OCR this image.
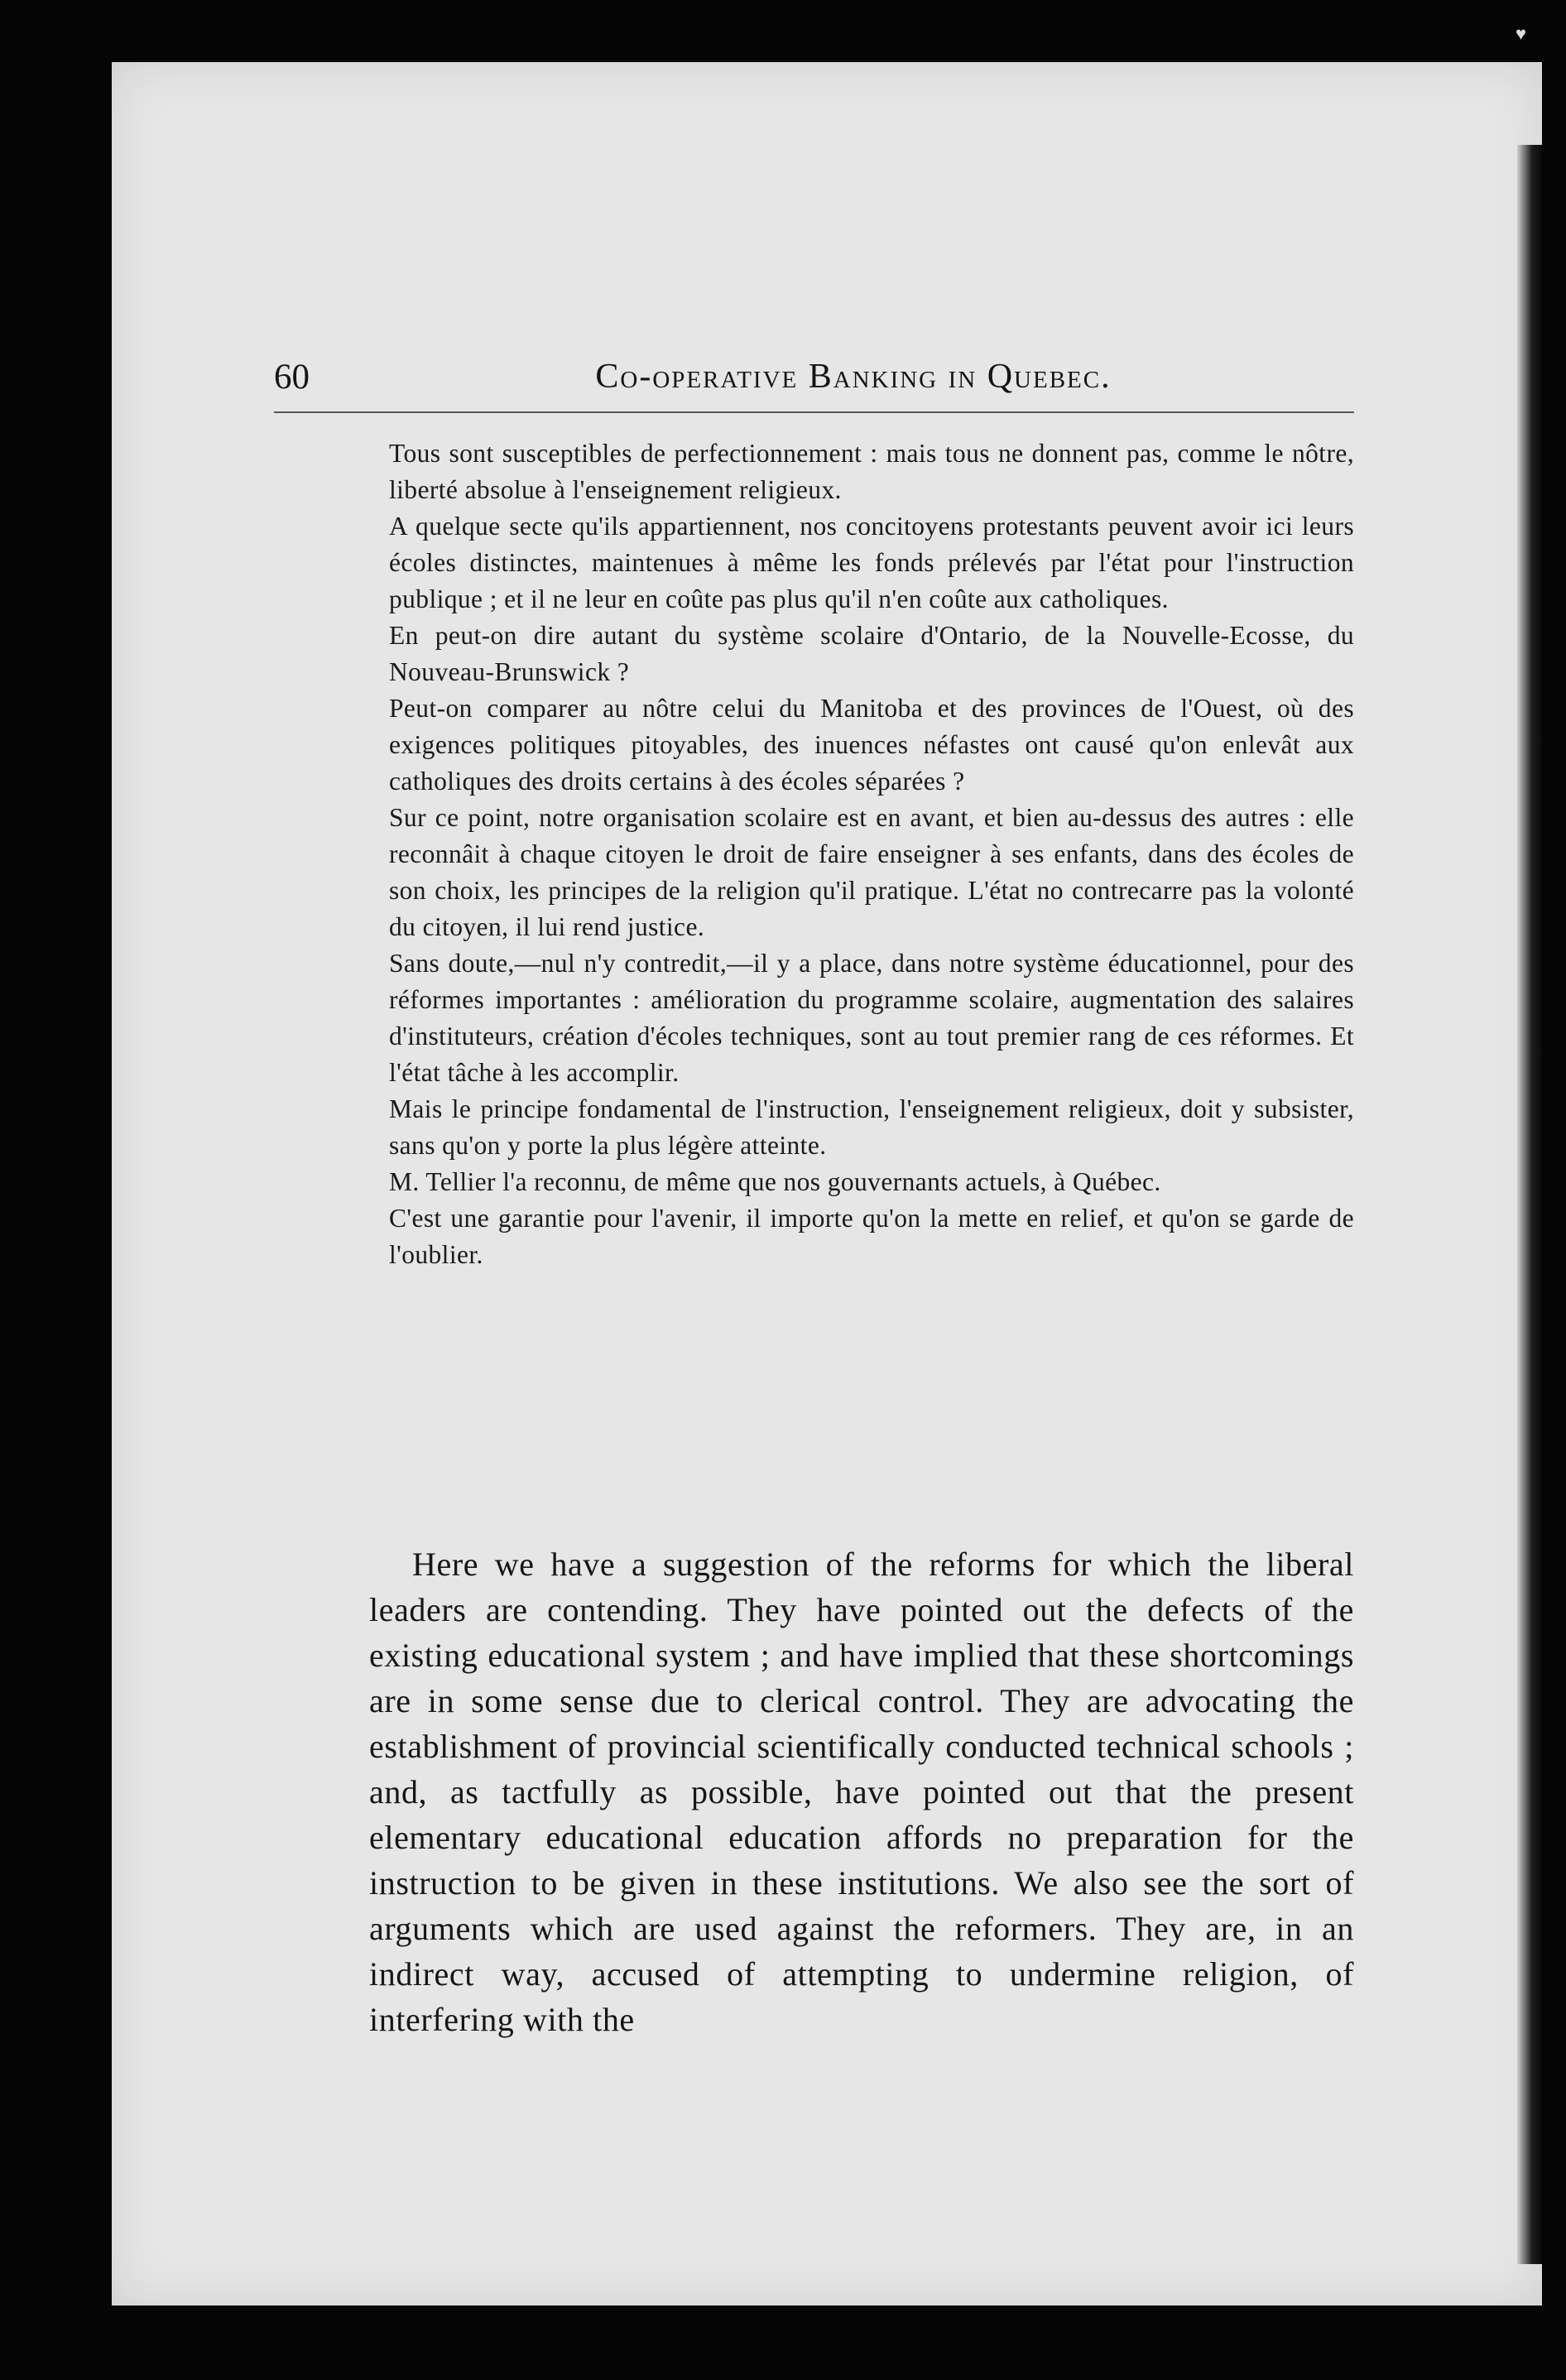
♥
60	Co-operative Banking in Quebec.

Tous sont susceptibles de perfectionnement : mais tous ne donnent pas, comme le nôtre, liberté absolue à l'enseignement religieux.

A quelque secte qu'ils appartiennent, nos concitoyens protestants peuvent avoir ici leurs écoles distinctes, maintenues à même les fonds prélevés par l'état pour l'instruction publique ; et il ne leur en coûte pas plus qu'il n'en coûte aux catholiques.

En peut-on dire autant du système scolaire d'Ontario, de la Nouvelle-Ecosse, du Nouveau-Brunswick ?

Peut-on comparer au nôtre celui du Manitoba et des provinces de l'Ouest, où des exigences politiques pitoyables, des inuences néfastes ont causé qu'on enlevât aux catholiques des droits certains à des écoles séparées ?

Sur ce point, notre organisation scolaire est en avant, et bien au-dessus des autres : elle reconnâit à chaque citoyen le droit de faire enseigner à ses enfants, dans des écoles de son choix, les principes de la religion qu'il pratique. L'état no contrecarre pas la volonté du citoyen, il lui rend justice.

Sans doute,—nul n'y contredit,—il y a place, dans notre système éducationnel, pour des réformes importantes : amélioration du programme scolaire, augmentation des salaires d'instituteurs, création d'écoles techniques, sont au tout premier rang de ces réformes. Et l'état tâche à les accomplir.

Mais le principe fondamental de l'instruction, l'enseignement religieux, doit y subsister, sans qu'on y porte la plus légère atteinte.

M. Tellier l'a reconnu, de même que nos gouvernants actuels, à Québec.

C'est une garantie pour l'avenir, il importe qu'on la mette en relief, et qu'on se garde de l'oublier.

Here we have a suggestion of the reforms for which the liberal leaders are contending. They have pointed out the defects of the existing educational system ; and have implied that these shortcomings are in some sense due to clerical control. They are advocating the establishment of provincial scientifically conducted technical schools ; and, as tactfully as possible, have pointed out that the present elementary educational education affords no preparation for the instruction to be given in these institutions. We also see the sort of arguments which are used against the reformers. They are, in an indirect way, accused of attempting to undermine religion, of interfering with the
